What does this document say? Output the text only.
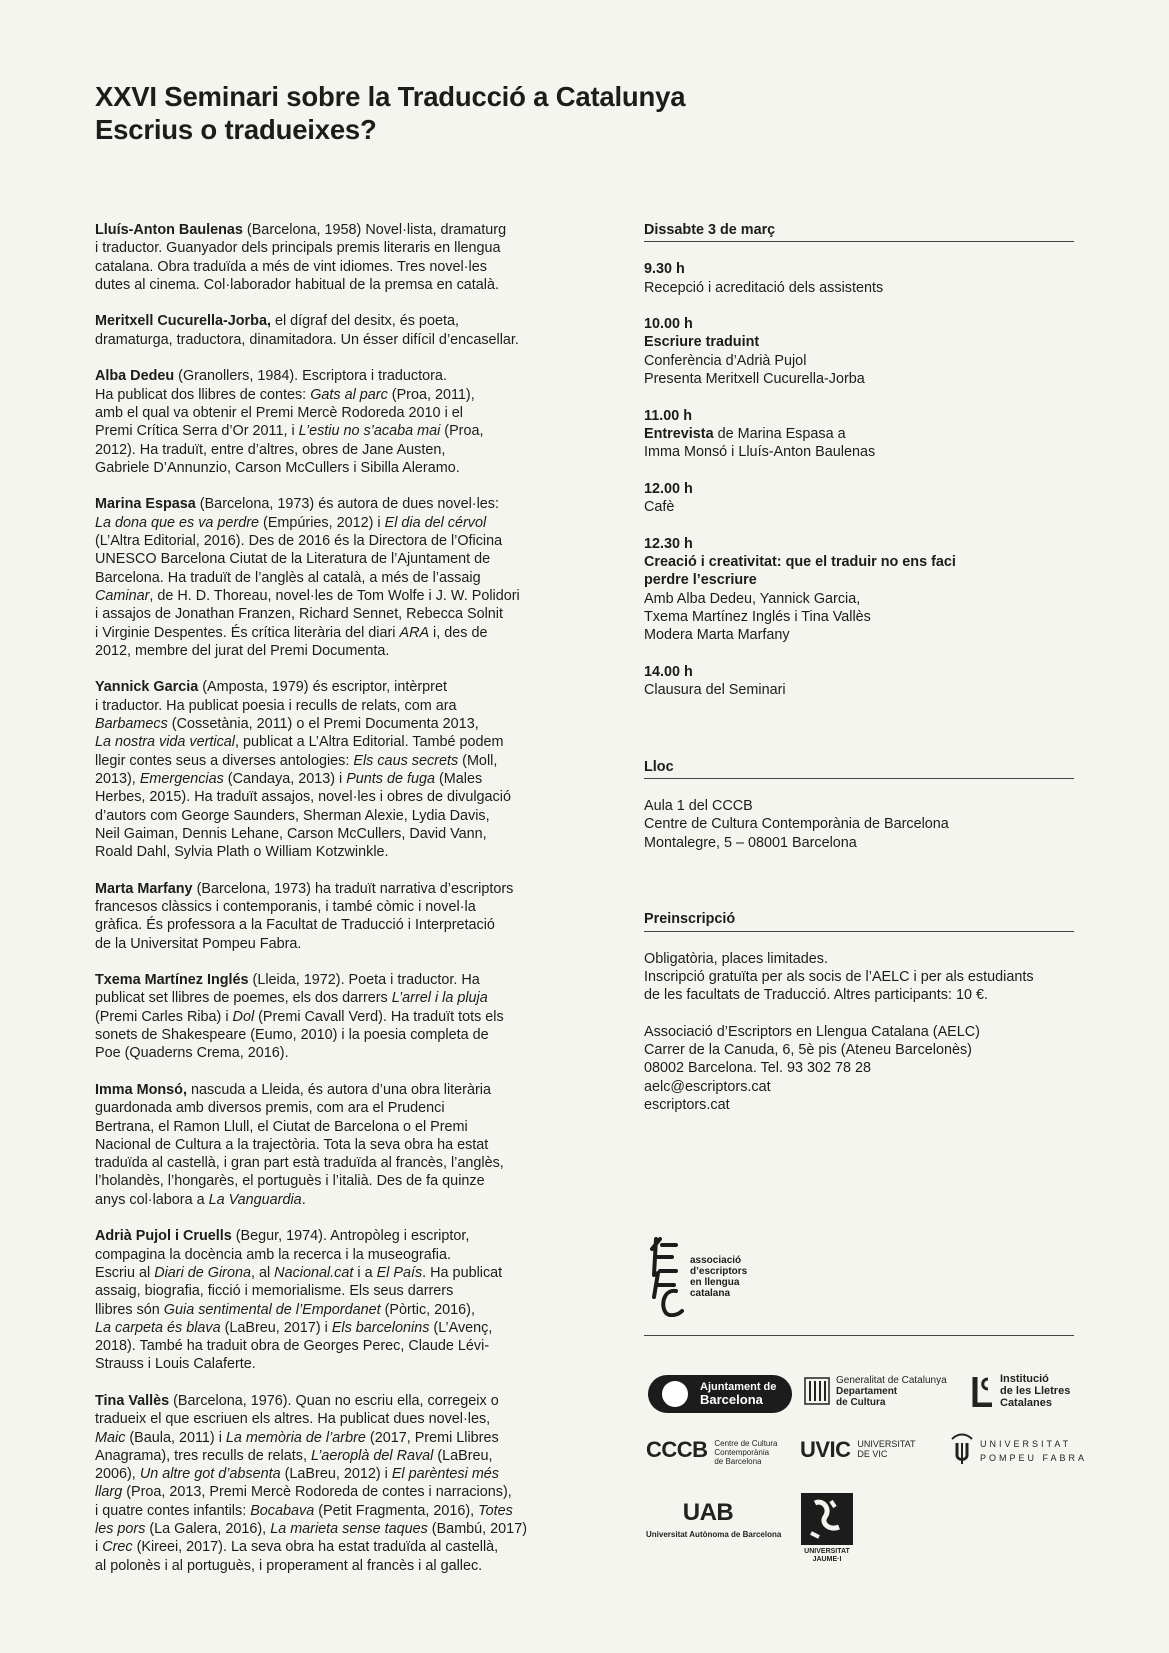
XXVI Seminari sobre la Traducció a Catalunya
Escrius o tradueixes?
Lluís-Anton Baulenas (Barcelona, 1958) Novel·lista, dramaturg
i traductor. Guanyador dels principals premis literaris en llengua
catalana. Obra traduïda a més de vint idiomes. Tres novel·les
dutes al cinema. Col·laborador habitual de la premsa en català.
Meritxell Cucurella-Jorba, el dígraf del desitx, és poeta,
dramaturga, traductora, dinamitadora. Un ésser difícil d’encasellar.
Alba Dedeu (Granollers, 1984). Escriptora i traductora.
Ha publicat dos llibres de contes: Gats al parc (Proa, 2011),
amb el qual va obtenir el Premi Mercè Rodoreda 2010 i el
Premi Crítica Serra d’Or 2011, i L’estiu no s’acaba mai (Proa,
2012). Ha traduït, entre d’altres, obres de Jane Austen,
Gabriele D’Annunzio, Carson McCullers i Sibilla Aleramo.
Marina Espasa (Barcelona, 1973) és autora de dues novel·les:
La dona que es va perdre (Empúries, 2012) i El dia del cérvol
(L’Altra Editorial, 2016). Des de 2016 és la Directora de l’Oficina
UNESCO Barcelona Ciutat de la Literatura de l’Ajuntament de
Barcelona. Ha traduït de l’anglès al català, a més de l’assaig
Caminar, de H. D. Thoreau, novel·les de Tom Wolfe i J. W. Polidori
i assajos de Jonathan Franzen, Richard Sennet, Rebecca Solnit
i Virginie Despentes. És crítica literària del diari ARA i, des de
2012, membre del jurat del Premi Documenta.
Yannick Garcia (Amposta, 1979) és escriptor, intèrpret
i traductor. Ha publicat poesia i reculls de relats, com ara
Barbamecs (Cossetània, 2011) o el Premi Documenta 2013,
La nostra vida vertical, publicat a L’Altra Editorial. També podem
llegir contes seus a diverses antologies: Els caus secrets (Moll,
2013), Emergencias (Candaya, 2013) i Punts de fuga (Males
Herbes, 2015). Ha traduït assajos, novel·les i obres de divulgació
d’autors com George Saunders, Sherman Alexie, Lydia Davis,
Neil Gaiman, Dennis Lehane, Carson McCullers, David Vann,
Roald Dahl, Sylvia Plath o William Kotzwinkle.
Marta Marfany (Barcelona, 1973) ha traduït narrativa d’escriptors
francesos clàssics i contemporanis, i també còmic i novel·la
gràfica. És professora a la Facultat de Traducció i Interpretació
de la Universitat Pompeu Fabra.
Txema Martínez Inglés (Lleida, 1972). Poeta i traductor. Ha
publicat set llibres de poemes, els dos darrers L’arrel i la pluja
(Premi Carles Riba) i Dol (Premi Cavall Verd). Ha traduït tots els
sonets de Shakespeare (Eumo, 2010) i la poesia completa de
Poe (Quaderns Crema, 2016).
Imma Monsó, nascuda a Lleida, és autora d’una obra literària
guardonada amb diversos premis, com ara el Prudenci
Bertrana, el Ramon Llull, el Ciutat de Barcelona o el Premi
Nacional de Cultura a la trajectòria. Tota la seva obra ha estat
traduïda al castellà, i gran part està traduïda al francès, l’anglès,
l’holandès, l’hongarès, el portuguès i l’italià. Des de fa quinze
anys col·labora a La Vanguardia.
Adrià Pujol i Cruells (Begur, 1974). Antropòleg i escriptor,
compagina la docència amb la recerca i la museografia.
Escriu al Diari de Girona, al Nacional.cat i a El País. Ha publicat
assaig, biografia, ficció i memorialisme. Els seus darrers
llibres són Guia sentimental de l’Empordanet (Pòrtic, 2016),
La carpeta és blava (LaBreu, 2017) i Els barcelonins (L’Avenç,
2018). També ha traduit obra de Georges Perec, Claude Lévi-
Strauss i Louis Calaferte.
Tina Vallès (Barcelona, 1976). Quan no escriu ella, corregeix o
tradueix el que escriuen els altres. Ha publicat dues novel·les,
Maic (Baula, 2011) i La memòria de l’arbre (2017, Premi Llibres
Anagrama), tres reculls de relats, L’aeroplà del Raval (LaBreu,
2006), Un altre got d’absenta (LaBreu, 2012) i El parèntesi més
llarg (Proa, 2013, Premi Mercè Rodoreda de contes i narracions),
i quatre contes infantils: Bocabava (Petit Fragmenta, 2016), Totes
les pors (La Galera, 2016), La marieta sense taques (Bambú, 2017)
i Crec (Kireei, 2017). La seva obra ha estat traduïda al castellà,
al polonès i al portuguès, i properament al francès i al gallec.
Dissabte 3 de març
9.30 h
Recepció i acreditació dels assistents
10.00 h
Escriure traduint
Conferència d’Adrià Pujol
Presenta Meritxell Cucurella-Jorba
11.00 h
Entrevista de Marina Espasa a
Imma Monsó i Lluís-Anton Baulenas
12.00 h
Cafè
12.30 h
Creació i creativitat: que el traduir no ens faci
perdre l’escriure
Amb Alba Dedeu, Yannick Garcia,
Txema Martínez Inglés i Tina Vallès
Modera Marta Marfany
14.00 h
Clausura del Seminari
Lloc
Aula 1 del CCCB
Centre de Cultura Contemporània de Barcelona
Montalegre, 5 – 08001 Barcelona
Preinscripció
Obligatòria, places limitades.
Inscripció gratuïta per als socis de l’AELC i per als estudiants
de les facultats de Traducció. Altres participants: 10 €.
Associació d’Escriptors en Llengua Catalana (AELC)
Carrer de la Canuda, 6, 5è pis (Ateneu Barcelonès)
08002 Barcelona. Tel. 93 302 78 28
aelc@escriptors.cat
escriptors.cat
associació
d’escriptors
en llengua
catalana
Ajuntament de
Barcelona
Generalitat de Catalunya
Departament
de Cultura
Institució
de les Lletres
Catalanes
CCCB Centre de Cultura
Contemporània
de Barcelona	UVIC UNIVERSITAT
DE VIC
UNIVERSITAT
POMPEU FABRA
UAB
Universitat Autònoma de Barcelona
UNIVERSITAT
JAUME·I
